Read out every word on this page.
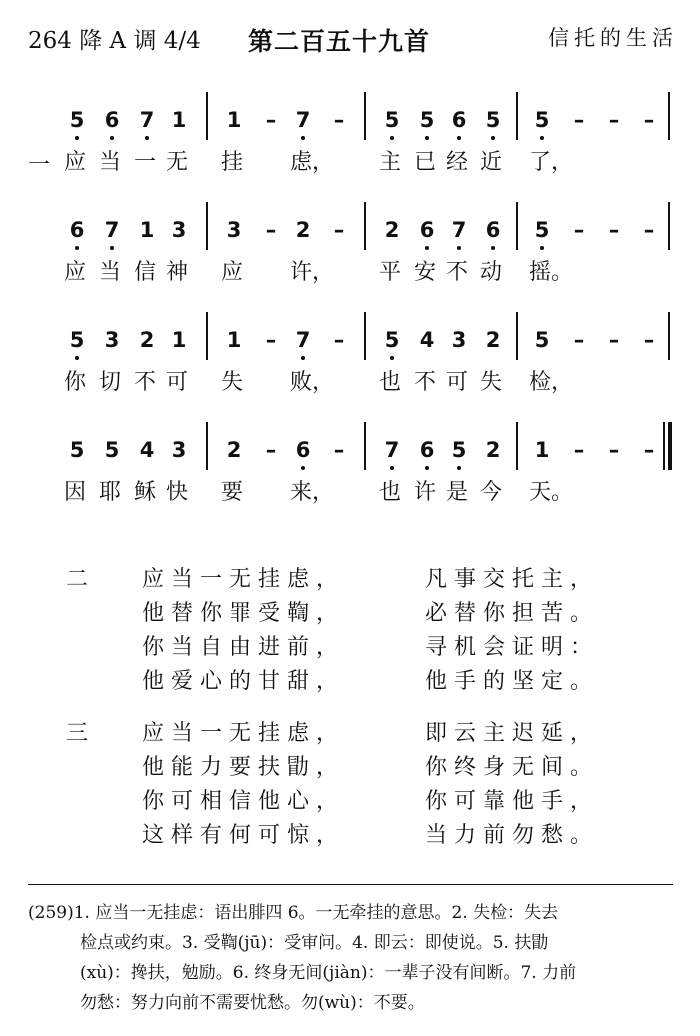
264 降 A 调 4/4 第二百五十九首	信托的生活
5 6 7 1 1 – 7 – 5 5 6 5 5 – – –
一 应 当 一 无 挂 虑， 主 已 经 近 了，
6 7 1 3 3 – 2 – 2 6 7 6 5 – – –
应 当 信 神 应 许， 平 安 不 动 摇。
5 3 2 1 1 – 7 – 5 4 3 2 5 – – –
你 切 不 可 失 败， 也 不 可 失 检，
5 5 4 3 2 – 6 – 7 6 5 2 1 – – –
因 耶 稣 快 要 来， 也 许 是 今 天。
二 应当一无挂虑，	凡事交托主，
他替你罪受鞫，	必替你担苦。
你当自由进前，	寻机会证明：
他爱心的甘甜，	他手的坚定。
三 应当一无挂虑，	即云主迟延，
他能力要扶勖，	你终身无间。
你可相信他心，	你可靠他手，
这样有何可惊，	当力前勿愁。
(259)1. 应当一无挂虑：语出腓四 6。一无牵挂的意思。2. 失检：失去
检点或约束。3. 受鞫(jū)：受审问。4. 即云：即使说。5. 扶勖
(xù)：搀扶，勉励。6. 终身无间(jiàn)：一辈子没有间断。7. 力前
勿愁：努力向前不需要忧愁。勿(wù)：不要。
